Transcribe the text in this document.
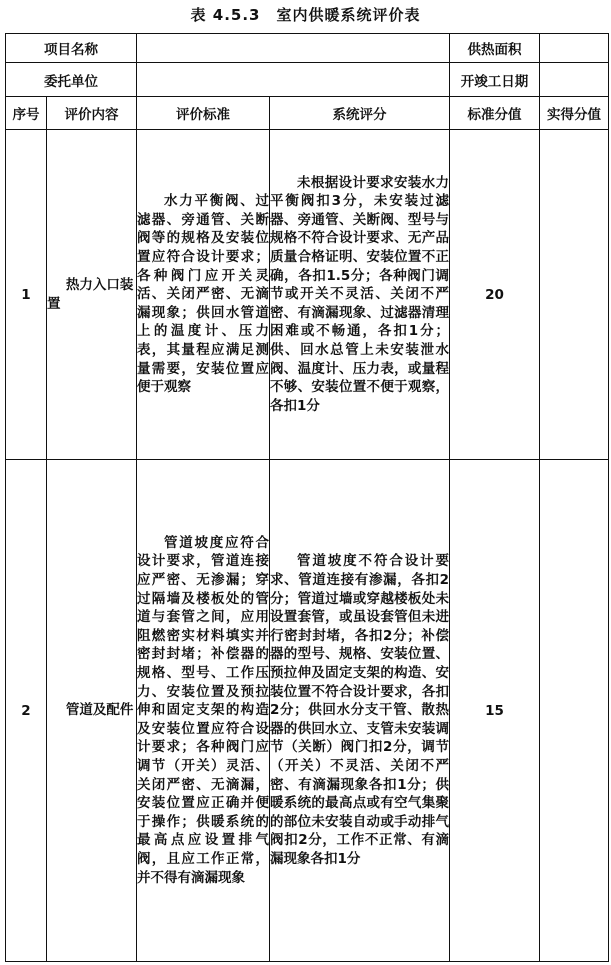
表 4.5.3　室内供暖系统评价表
项目名称				供热面积	
委托单位				开竣工日期	
序号	评价内容	评价标准	系统评分	标准分值	实得分值
1	热力入口装置	水力平衡阀、过滤器、旁通管、关断阀等的规格及安装位置应符合设计要求；各种阀门应开关灵活、关闭严密、无滴漏现象；供回水管道上的温度计、压力表，其量程应满足测量需要，安装位置应便于观察	未根据设计要求安装水力平衡阀扣3分，未安装过滤器、旁通管、关断阀、型号与规格不符合设计要求、无产品质量合格证明、安装位置不正确，各扣1.5分；各种阀门调节或开关不灵活、关闭不严密、有滴漏现象、过滤器清理困难或不畅通，各扣1分；供、回水总管上未安装泄水阀、温度计、压力表，或量程不够、安装位置不便于观察，各扣1分	20	
2	管道及配件	管道坡度应符合设计要求，管道连接应严密、无渗漏；穿过隔墙及楼板处的管道与套管之间，应用阻燃密实材料填实并密封封堵；补偿器的规格、型号、工作压力、安装位置及预拉伸和固定支架的构造及安装位置应符合设计要求；各种阀门应调节（开关）灵活、关闭严密、无滴漏，安装位置应正确并便于操作；供暖系统的最高点应设置排气阀，且应工作正常，并不得有滴漏现象	管道坡度不符合设计要求、管道连接有渗漏，各扣2分；管道过墙或穿越楼板处未设置套管，或虽设套管但未进行密封封堵，各扣2分；补偿器的型号、规格、安装位置、预拉伸及固定支架的构造、安装位置不符合设计要求，各扣2分；供回水分支干管、散热器的供回水立、支管未安装调节（关断）阀门扣2分，调节（开关）不灵活、关闭不严密、有滴漏现象各扣1分；供暖系统的最高点或有空气集聚的部位未安装自动或手动排气阀扣2分，工作不正常、有滴漏现象各扣1分	15	
